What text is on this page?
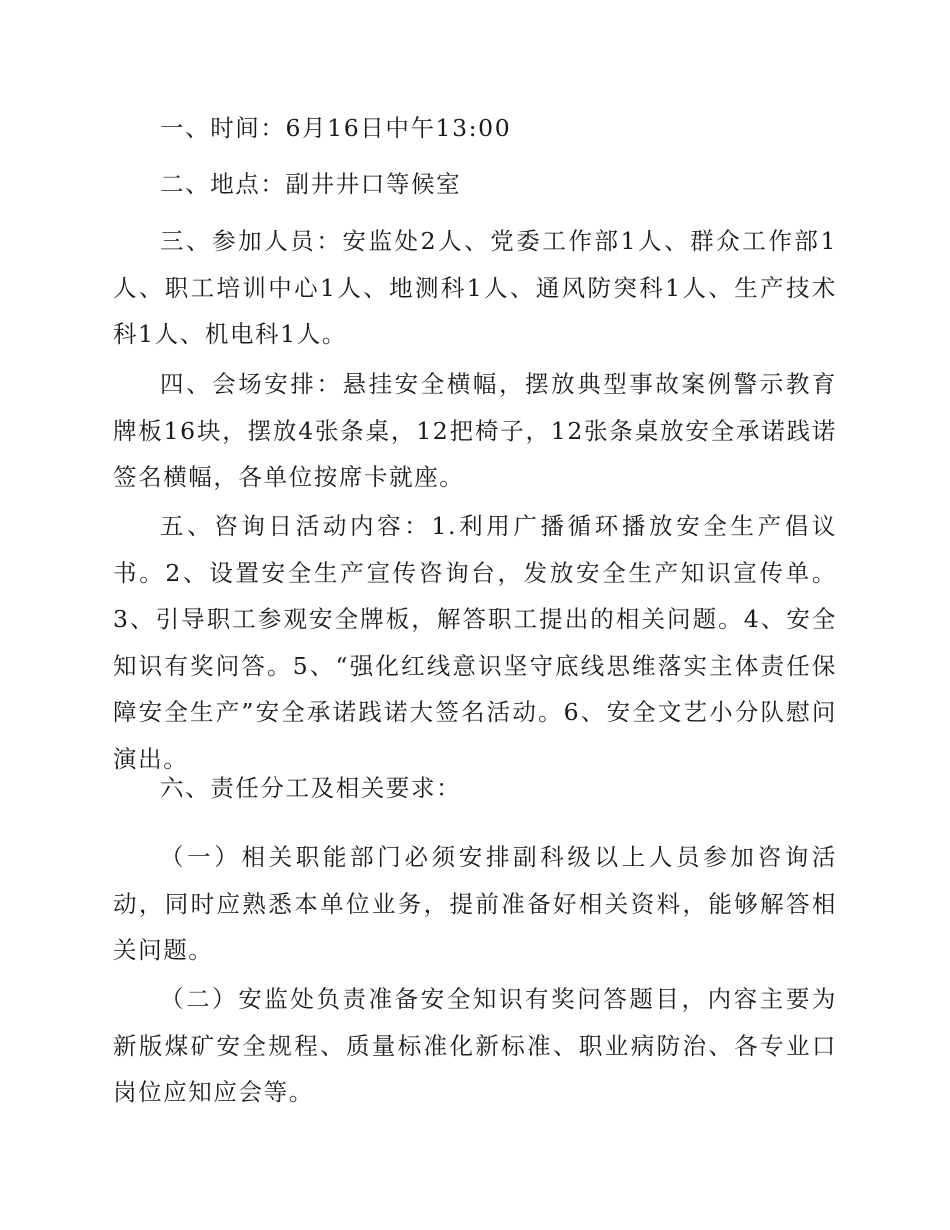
一、时间：6月16日中午13:00

二、地点：副井井口等候室

三、参加人员：安监处2人、党委工作部1人、群众工作部1人、职工培训中心1人、地测科1人、通风防突科1人、生产技术科1人、机电科1人。

四、会场安排：悬挂安全横幅，摆放典型事故案例警示教育牌板16块，摆放4张条桌，12把椅子，12张条桌放安全承诺践诺签名横幅，各单位按席卡就座。

五、咨询日活动内容：1.利用广播循环播放安全生产倡议书。2、设置安全生产宣传咨询台，发放安全生产知识宣传单。3、引导职工参观安全牌板，解答职工提出的相关问题。4、安全知识有奖问答。5、“强化红线意识坚守底线思维落实主体责任保障安全生产”安全承诺践诺大签名活动。6、安全文艺小分队慰问演出。

六、责任分工及相关要求：

（一）相关职能部门必须安排副科级以上人员参加咨询活动，同时应熟悉本单位业务，提前准备好相关资料，能够解答相关问题。

（二）安监处负责准备安全知识有奖问答题目，内容主要为新版煤矿安全规程、质量标准化新标准、职业病防治、各专业口岗位应知应会等。
